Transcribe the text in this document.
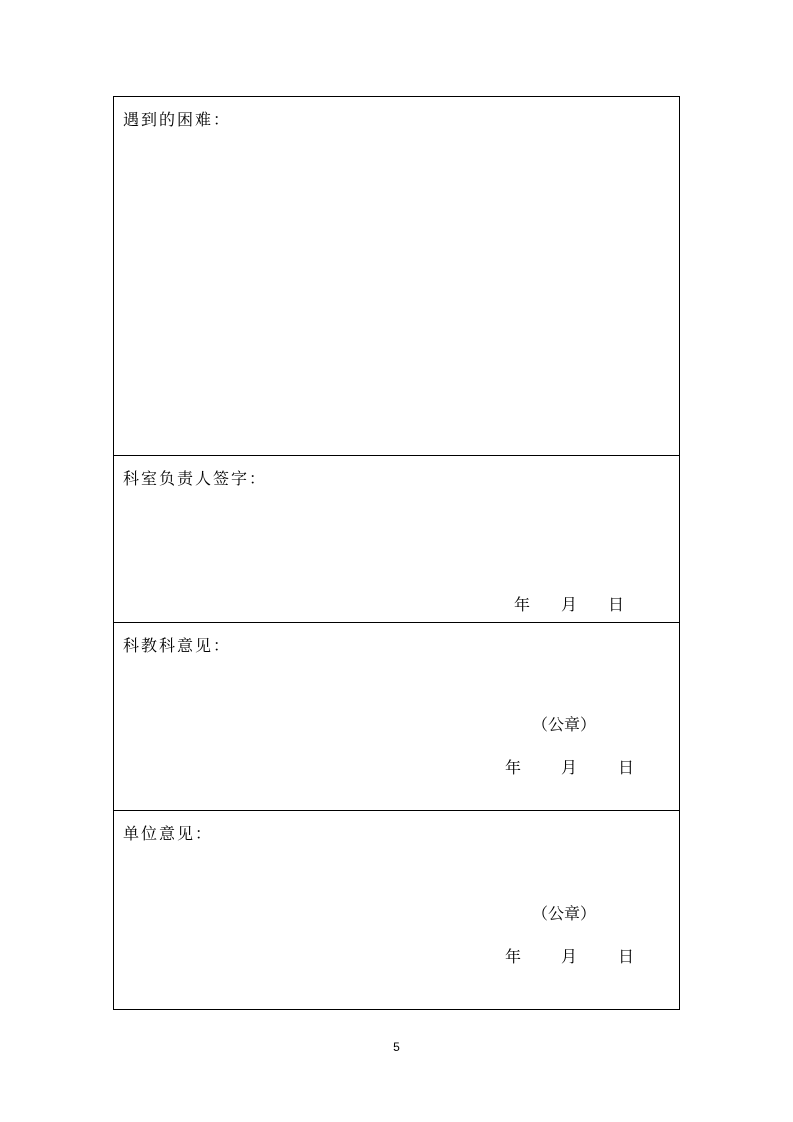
遇到的困难：
科室负责人签字：
年 月 日
科教科意见：
（公章）
年 月	日
单位意见：
（公章）
年 月	日
5
